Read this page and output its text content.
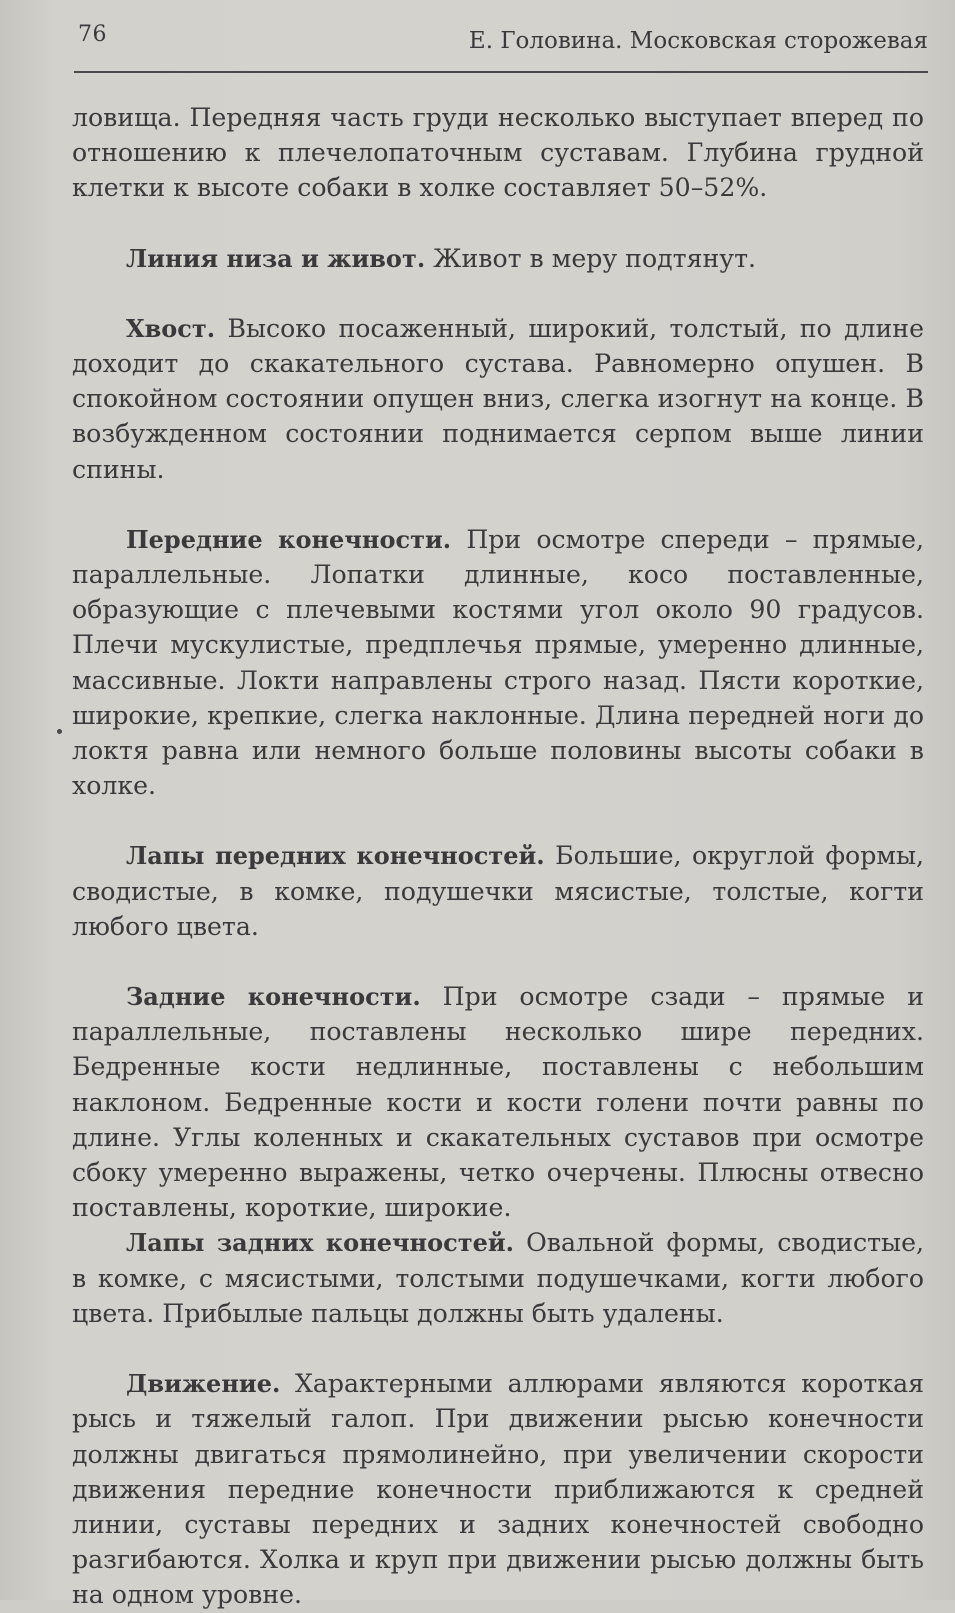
76	Е. Головина. Московская сторожевая

ловища. Передняя часть груди несколько выступает вперед по отношению к плечелопаточным суставам. Глубина грудной клетки к высоте собаки в холке составляет 50–52%.

Линия низа и живот. Живот в меру подтянут.

Хвост. Высоко посаженный, широкий, толстый, по длине доходит до скакательного сустава. Равномерно опушен. В спокойном состоянии опущен вниз, слегка изогнут на конце. В возбужденном состоянии поднимается серпом выше линии спины.

Передние конечности. При осмотре спереди – прямые, параллельные. Лопатки длинные, косо поставленные, образующие с плечевыми костями угол около 90 градусов. Плечи мускулистые, предплечья прямые, умеренно длинные, массивные. Локти направлены строго назад. Пясти короткие, широкие, крепкие, слегка наклонные. Длина передней ноги до локтя равна или немного больше половины высоты собаки в холке.

Лапы передних конечностей. Большие, округлой формы, сводистые, в комке, подушечки мясистые, толстые, когти любого цвета.

Задние конечности. При осмотре сзади – прямые и параллельные, поставлены несколько шире передних. Бедренные кости недлинные, поставлены с небольшим наклоном. Бедренные кости и кости голени почти равны по длине. Углы коленных и скакательных суставов при осмотре сбоку умеренно выражены, четко очерчены. Плюсны отвесно поставлены, короткие, широкие.

Лапы задних конечностей. Овальной формы, сводистые, в комке, с мясистыми, толстыми подушечками, когти любого цвета. Прибылые пальцы должны быть удалены.

Движение. Характерными аллюрами являются короткая рысь и тяжелый галоп. При движении рысью конечности должны двигаться прямолинейно, при увеличении скорости движения передние конечности приближаются к средней линии, суставы передних и задних конечностей свободно разгибаются. Холка и круп при движении рысью должны быть на одном уровне.
